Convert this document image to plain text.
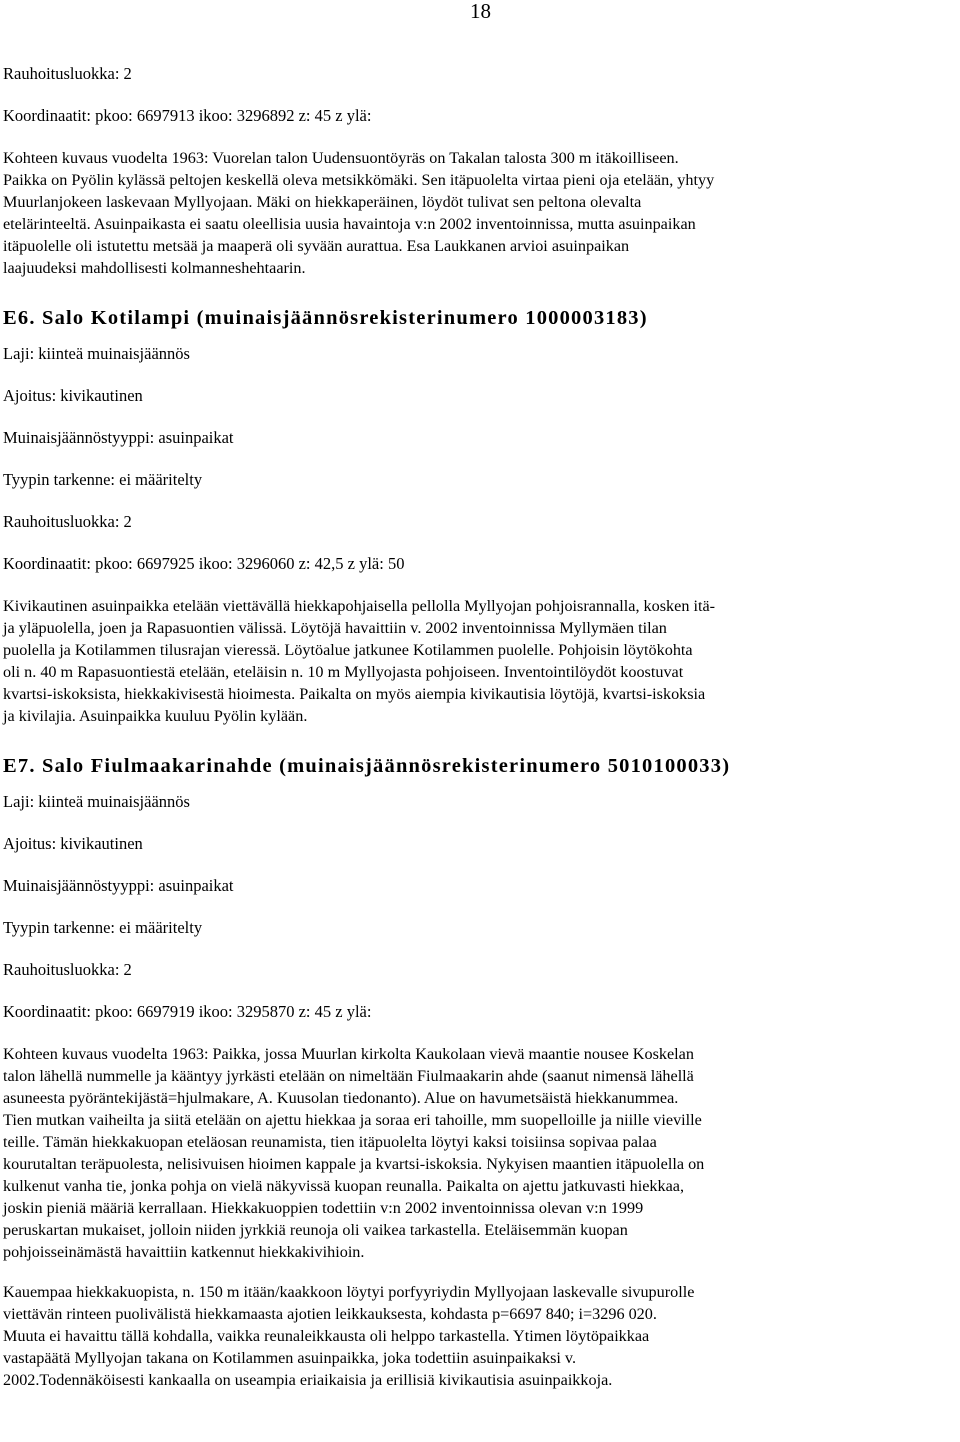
18

Rauhoitusluokka: 2

Koordinaatit: pkoo: 6697913 ikoo: 3296892 z: 45 z ylä:

Kohteen kuvaus vuodelta 1963: Vuorelan talon Uudensuontöyräs on Takalan talosta 300 m itäkoilliseen.
Paikka on Pyölin kylässä peltojen keskellä oleva metsikkömäki. Sen itäpuolelta virtaa pieni oja etelään, yhtyy
Muurlanjokeen laskevaan Myllyojaan. Mäki on hiekkaperäinen, löydöt tulivat sen peltona olevalta
etelärinteeltä. Asuinpaikasta ei saatu oleellisia uusia havaintoja v:n 2002 inventoinnissa, mutta asuinpaikan
itäpuolelle oli istutettu metsää ja maaperä oli syvään aurattua. Esa Laukkanen arvioi asuinpaikan
laajuudeksi mahdollisesti kolmanneshehtaarin.
E6. Salo Kotilampi (muinaisjäännösrekisterinumero 1000003183)

Laji: kiinteä muinaisjäännös

Ajoitus: kivikautinen

Muinaisjäännöstyyppi: asuinpaikat

Tyypin tarkenne: ei määritelty

Rauhoitusluokka: 2

Koordinaatit: pkoo: 6697925 ikoo: 3296060 z: 42,5 z ylä: 50

Kivikautinen asuinpaikka etelään viettävällä hiekkapohjaisella pellolla Myllyojan pohjoisrannalla, kosken itä-
ja yläpuolella, joen ja Rapasuontien välissä. Löytöjä havaittiin v. 2002 inventoinnissa Myllymäen tilan
puolella ja Kotilammen tilusrajan vieressä. Löytöalue jatkunee Kotilammen puolelle. Pohjoisin löytökohta
oli n. 40 m Rapasuontiestä etelään, eteläisin n. 10 m Myllyojasta pohjoiseen. Inventointilöydöt koostuvat
kvartsi-iskoksista, hiekkakivisestä hioimesta. Paikalta on myös aiempia kivikautisia löytöjä, kvartsi-iskoksia
ja kivilajia. Asuinpaikka kuuluu Pyölin kylään.
E7. Salo Fiulmaakarinahde (muinaisjäännösrekisterinumero 5010100033)

Laji: kiinteä muinaisjäännös

Ajoitus: kivikautinen

Muinaisjäännöstyyppi: asuinpaikat

Tyypin tarkenne: ei määritelty

Rauhoitusluokka: 2

Koordinaatit: pkoo: 6697919 ikoo: 3295870 z: 45 z ylä:

Kohteen kuvaus vuodelta 1963: Paikka, jossa Muurlan kirkolta Kaukolaan vievä maantie nousee Koskelan
talon lähellä nummelle ja kääntyy jyrkästi etelään on nimeltään Fiulmaakarin ahde (saanut nimensä lähellä
asuneesta pyöräntekijästä=hjulmakare, A. Kuusolan tiedonanto). Alue on havumetsäistä hiekkanummea.
Tien mutkan vaiheilta ja siitä etelään on ajettu hiekkaa ja soraa eri tahoille, mm suopelloille ja niille vieville
teille. Tämän hiekkakuopan eteläosan reunamista, tien itäpuolelta löytyi kaksi toisiinsa sopivaa palaa
kourutaltan teräpuolesta, nelisivuisen hioimen kappale ja kvartsi-iskoksia. Nykyisen maantien itäpuolella on
kulkenut vanha tie, jonka pohja on vielä näkyvissä kuopan reunalla. Paikalta on ajettu jatkuvasti hiekkaa,
joskin pieniä määriä kerrallaan. Hiekkakuoppien todettiin v:n 2002 inventoinnissa olevan v:n 1999
peruskartan mukaiset, jolloin niiden jyrkkiä reunoja oli vaikea tarkastella. Eteläisemmän kuopan
pohjoisseinämästä havaittiin katkennut hiekkakivihioin.
Kauempaa hiekkakuopista, n. 150 m itään/kaakkoon löytyi porfyyriydin Myllyojaan laskevalle sivupurolle
viettävän rinteen puolivälistä hiekkamaasta ajotien leikkauksesta, kohdasta p=6697 840; i=3296 020.
Muuta ei havaittu tällä kohdalla, vaikka reunaleikkausta oli helppo tarkastella. Ytimen löytöpaikkaa
vastapäätä Myllyojan takana on Kotilammen asuinpaikka, joka todettiin asuinpaikaksi v.
2002.Todennäköisesti kankaalla on useampia eriaikaisia ja erillisiä kivikautisia asuinpaikkoja.
